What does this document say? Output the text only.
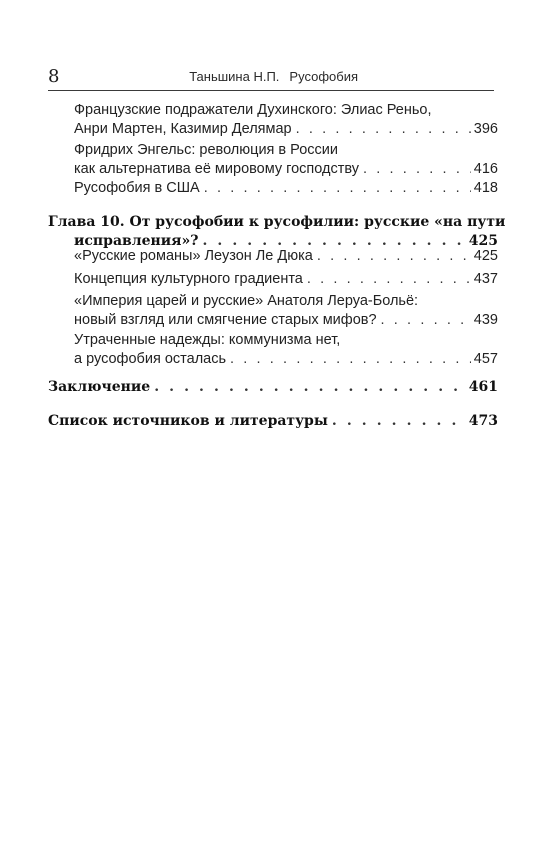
8	Таньшина Н.П. Русофобия
Французские подражатели Духинского: Элиас Реньо,
Анри Мартен, Казимир Делямар . . .	396
Фридрих Энгельс: революция в России
как альтернатива её мировому господству . . .	416
Русофобия в США . . .	418
Глава 10. От русофобии к русофилии: русские «на пути
исправления»? . . .	425
«Русские романы» Леузон Ле Дюка . . .	425
Концепция культурного градиента . . .	437
«Империя царей и русские» Анатоля Леруа-Больё:
новый взгляд или смягчение старых мифов? . . .	439
Утраченные надежды: коммунизма нет,
а русофобия осталась . . .	457
Заключение . . .	461
Список источников и литературы . . .	473
